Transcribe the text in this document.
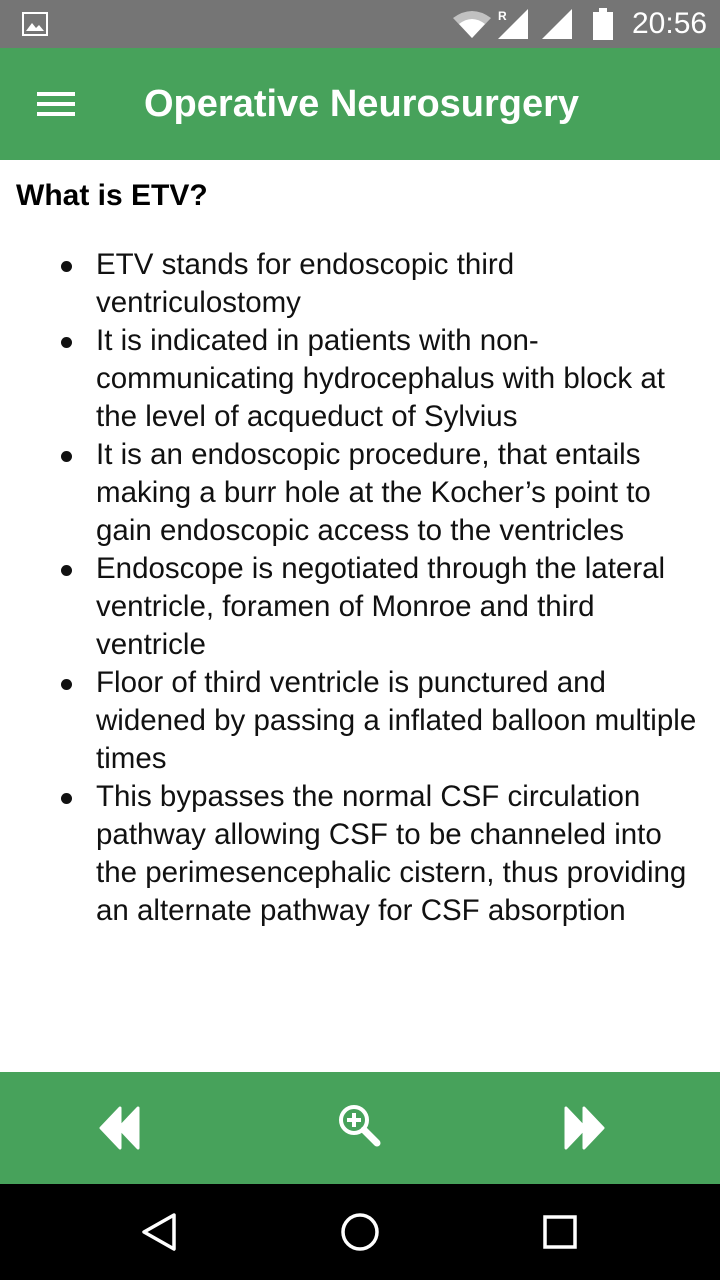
R	20:56
Operative Neurosurgery
What is ETV?
ETV stands for endoscopic third ventriculostomy
It is indicated in patients with non-communicating hydrocephalus with block at the level of acqueduct of Sylvius
It is an endoscopic procedure, that entails making a burr hole at the Kocher’s point to gain endoscopic access to the ventricles
Endoscope is negotiated through the lateral ventricle, foramen of Monroe and third ventricle
Floor of third ventricle is punctured and widened by passing a inflated balloon multiple times
This bypasses the normal CSF circulation pathway allowing CSF to be channeled into the perimesencephalic cistern, thus providing an alternate pathway for CSF absorption
